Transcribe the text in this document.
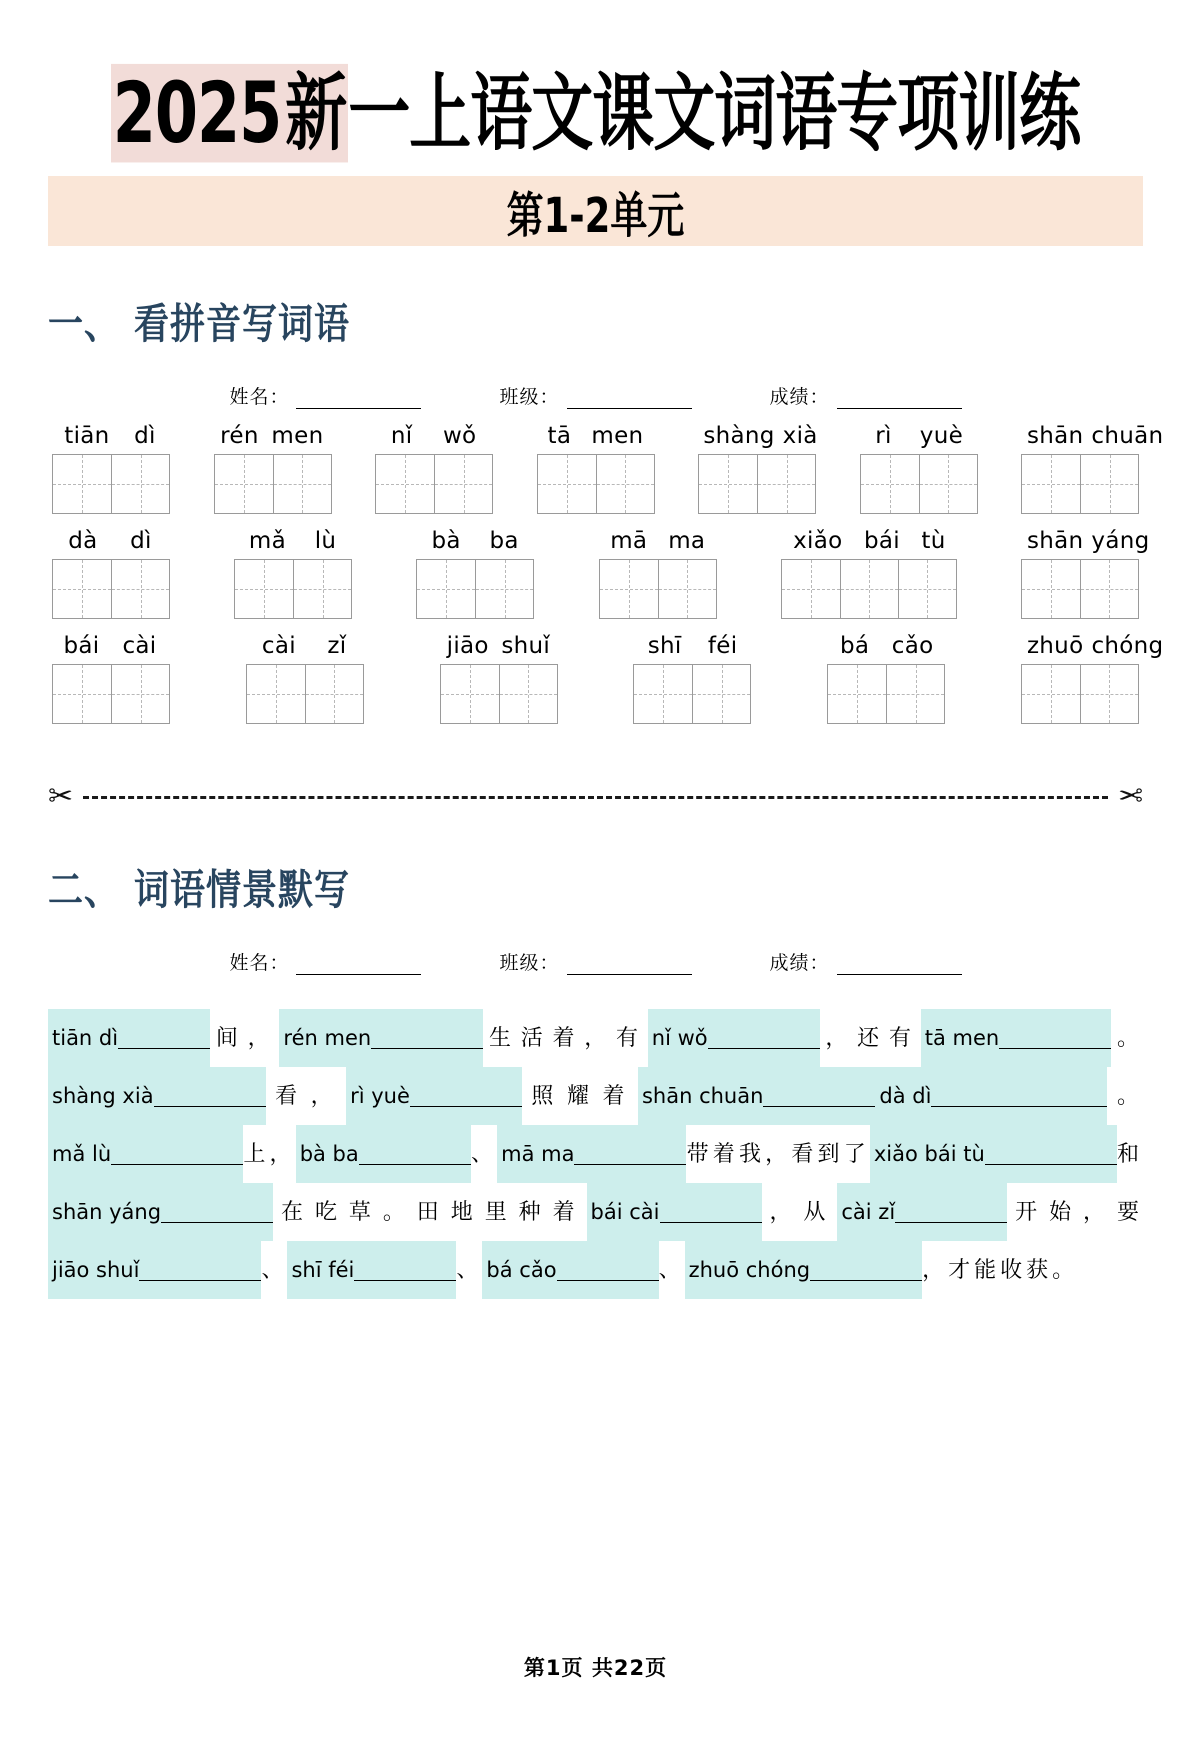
2025新一上语文课文词语专项训练
第1-2单元
一、 看拼音写词语
姓名：	班级：	成绩：
tiān dì	rén men	nǐ wǒ	tā men	shàng xià	rì yuè	shān chuān
dà dì	mǎ lù	bà ba	mā ma	xiǎo bái tù	shān yáng
bái cài	cài zǐ	jiāo shuǐ	shī féi	bá cǎo	zhuō chóng
✂	✂
二、 词语情景默写
姓名：	班级：	成绩：
tiān dì	间， rén men	生活着，有 nǐ wǒ	，还有 tā men	。shàng xià	看， rì yuè	照耀着 shān chuān	dà dì	。mǎ lù	上， bà ba	、 mā ma	带着我，看到了 xiǎo bái tù	和shān yáng	在吃草。田地里种着 bái cài	，从 cài zǐ	开始，要jiāo shuǐ	、 shī féi	、 bá cǎo	、 zhuō chóng	，才能收获。
第1页 共22页
